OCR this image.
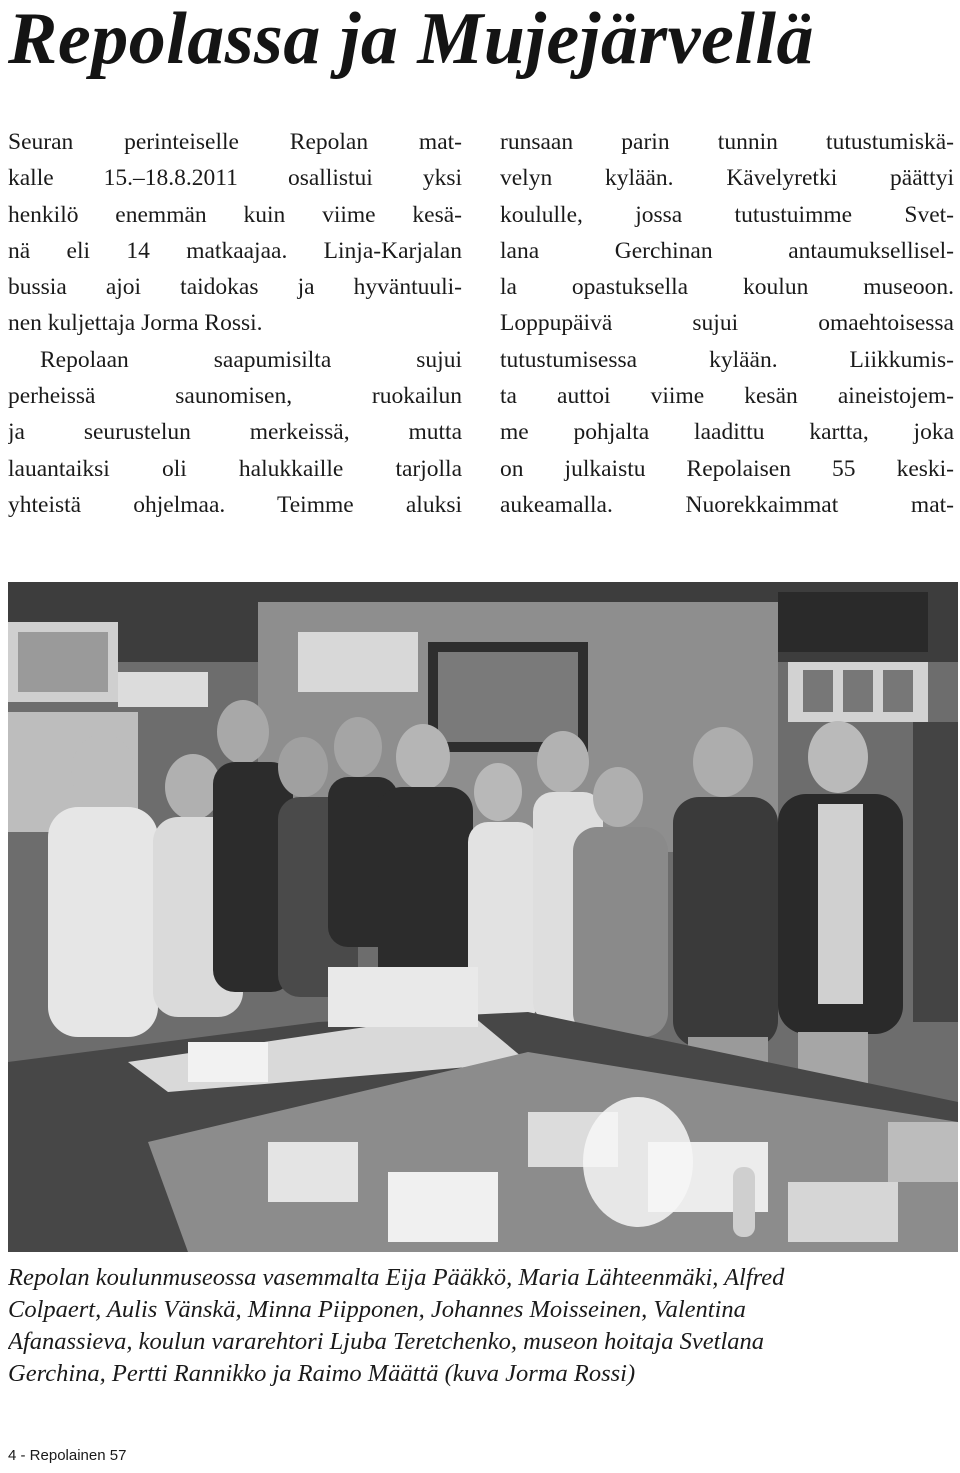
Repolassa ja Mujejärvellä
Seuran perinteiselle Repolan mat-
kalle 15.–18.8.2011 osallistui yksi
henkilö enemmän kuin viime kesä-
nä eli 14 matkaajaa. Linja-Karjalan
bussia ajoi taidokas ja hyväntuuli-
nen kuljettaja Jorma Rossi.
Repolaan saapumisilta sujui
perheissä saunomisen, ruokailun
ja seurustelun merkeissä, mutta
lauantaiksi oli halukkaille tarjolla
yhteistä ohjelmaa. Teimme aluksi
runsaan parin tunnin tutustumiskä-
velyn kylään. Kävelyretki päättyi
koululle, jossa tutustuimme Svet-
lana Gerchinan antaumuksellisel-
la opastuksella koulun museoon.
Loppupäivä sujui omaehtoisessa
tutustumisessa kylään. Liikkumis-
ta auttoi viime kesän aineistojem-
me pohjalta laadittu kartta, joka
on julkaistu Repolaisen 55 keski-
aukeamalla. Nuorekkaimmat mat-
Repolan koulunmuseossa vasemmalta Eija Pääkkö, Maria Lähteenmäki, Alfred
Colpaert, Aulis Vänskä, Minna Piipponen, Johannes Moisseinen, Valentina
Afanassieva, koulun vararehtori Ljuba Teretchenko, museon hoitaja Svetlana
Gerchina, Pertti Rannikko ja Raimo Määttä (kuva Jorma Rossi)
4 - Repolainen 57
